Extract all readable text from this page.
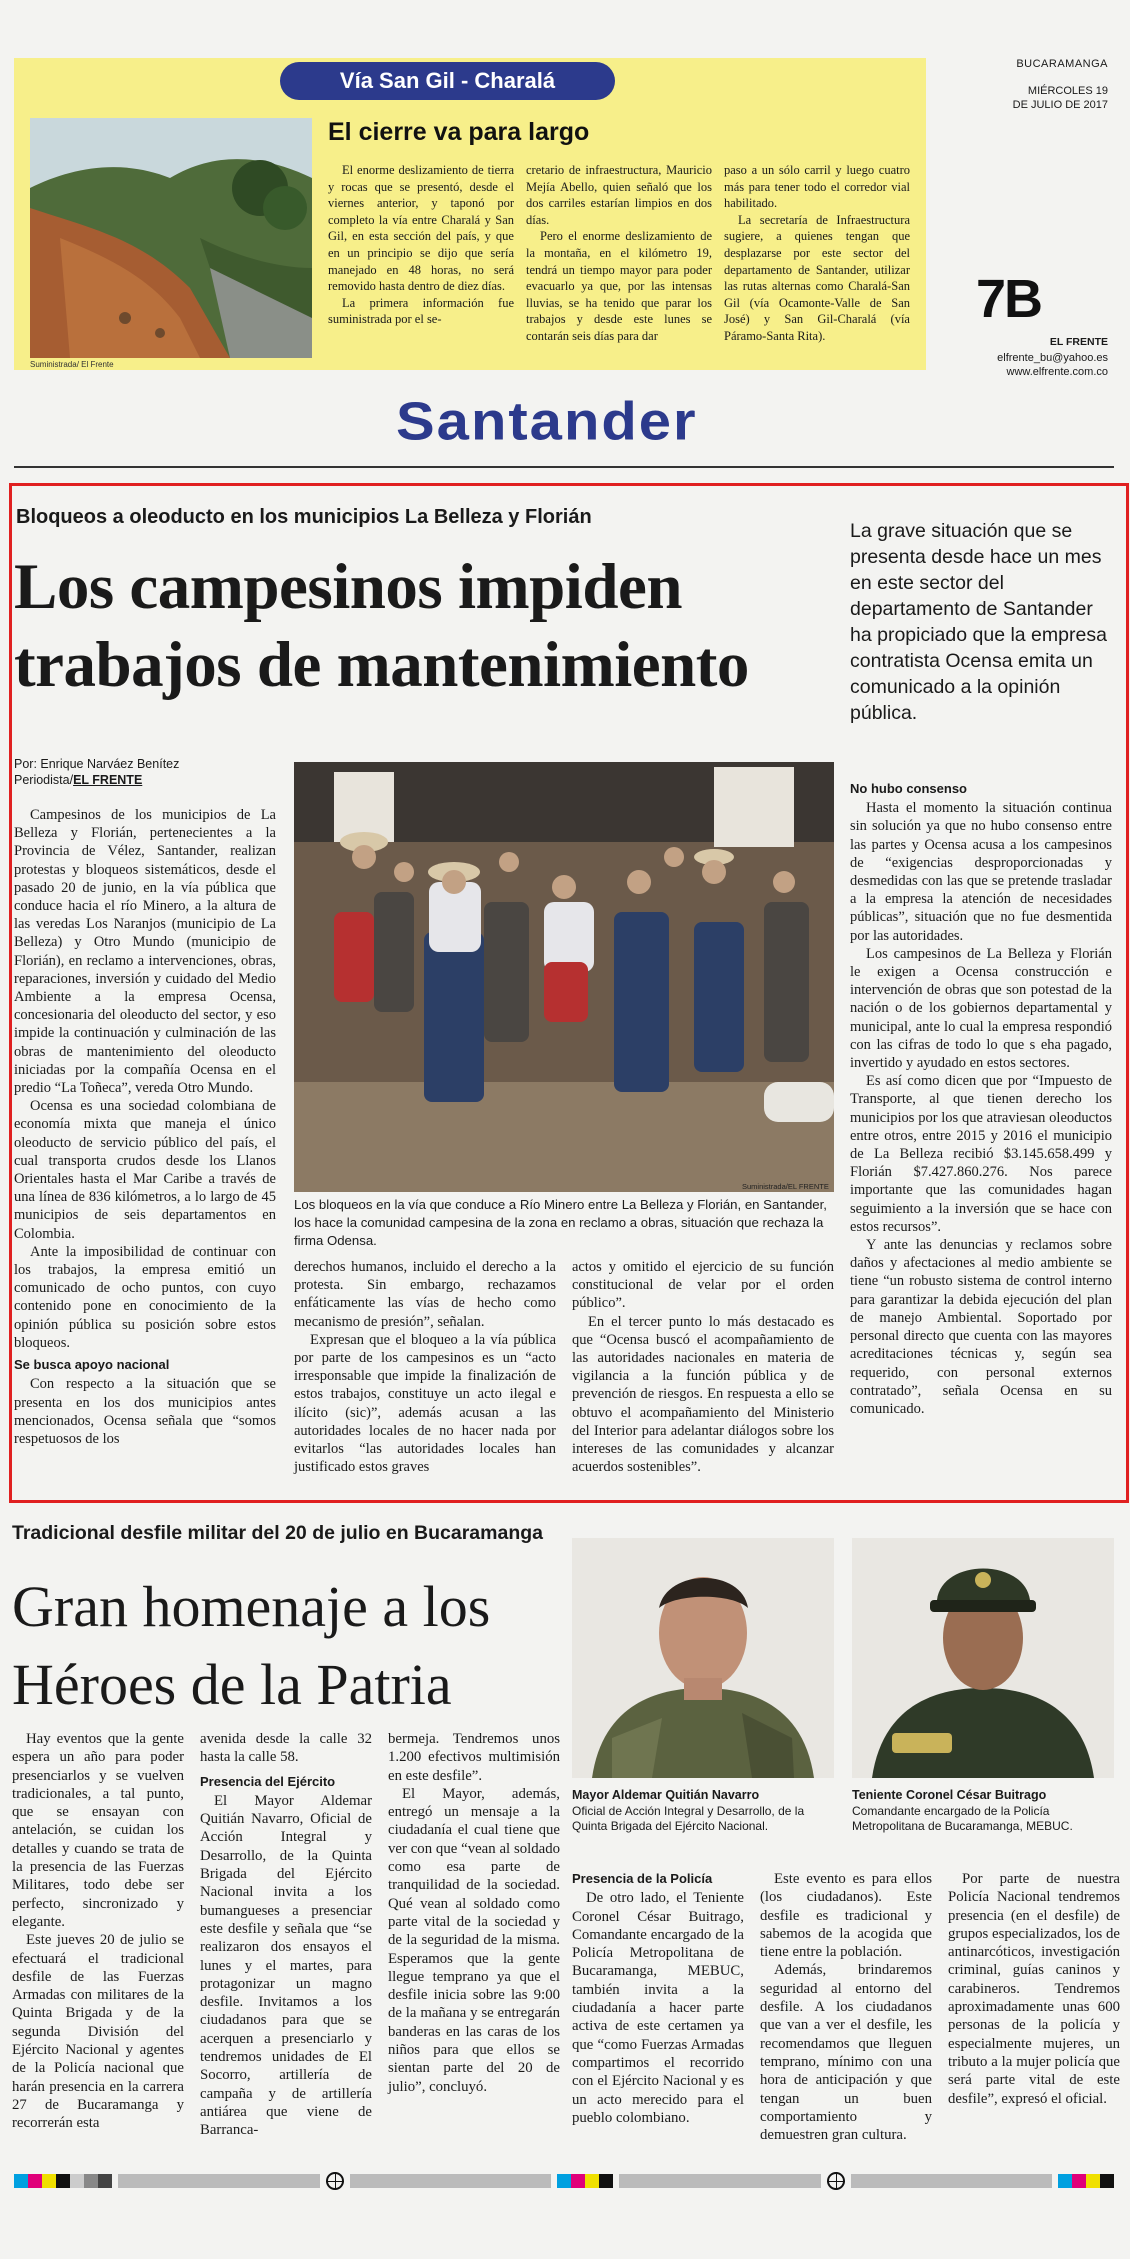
Vía San Gil - Charalá
Suministrada/ El Frente
El cierre va para largo

El enorme deslizamiento de tierra y rocas que se presentó, desde el viernes anterior, y taponó por completo la vía entre Charalá y San Gil, en esta sección del país, y que en un principio se dijo que sería manejado en 48 horas, no será removido hasta dentro de diez días.

La primera información fue suministrada por el se-

cretario de infraestructura, Mauricio Mejía Abello, quien señaló que los dos carriles estarían limpios en dos días.

Pero el enorme deslizamiento de la montaña, en el kilómetro 19, tendrá un tiempo mayor para poder evacuarlo ya que, por las intensas lluvias, se ha tenido que parar los trabajos y desde este lunes se contarán seis días para dar

paso a un sólo carril y luego cuatro más para tener todo el corredor vial habilitado.

La secretaría de Infraestructura sugiere, a quienes tengan que desplazarse por este sector del departamento de Santander, utilizar las rutas alternas como Charalá-San Gil (vía Ocamonte-Valle de San José) y San Gil-Charalá (vía Páramo-Santa Rita).

BUCARAMANGA
MIÉRCOLES 19
DE JULIO DE 2017
7B
EL FRENTE
elfrente_bu@yahoo.es
www.elfrente.com.co
Santander
Bloqueos a oleoducto en los municipios La Belleza y Florián
Los campesinos impiden
trabajos de mantenimiento
La grave situación que se presenta desde hace un mes en este sector del departamento de Santander ha propiciado que la empresa contratista Ocensa emita un comunicado a la opinión pública.
Por: Enrique Narváez Benítez
Periodista/EL FRENTE

Campesinos de los municipios de La Belleza y Florián, pertenecientes a la Provincia de Vélez, Santander, realizan protestas y bloqueos sistemáticos, desde el pasado 20 de junio, en la vía pública que conduce hacia el río Minero, a la altura de las veredas Los Naranjos (municipio de La Belleza) y Otro Mundo (municipio de Florián), en reclamo a intervenciones, obras, reparaciones, inversión y cuidado del Medio Ambiente a la empresa Ocensa, concesionaria del oleoducto del sector, y eso impide la continuación y culminación de las obras de mantenimiento del oleoducto iniciadas por la compañía Ocensa en el predio “La Toñeca”, vereda Otro Mundo.

Ocensa es una sociedad colombiana de economía mixta que maneja el único oleoducto de servicio público del país, el cual transporta crudos desde los Llanos Orientales hasta el Mar Caribe a través de una línea de 836 kilómetros, a lo largo de 45 municipios de seis departamentos en Colombia.

Ante la imposibilidad de continuar con los trabajos, la empresa emitió un comunicado de ocho puntos, con cuyo contenido pone en conocimiento de la opinión pública su posición sobre estos bloqueos.

Se busca apoyo nacional

Con respecto a la situación que se presenta en los dos municipios antes mencionados, Ocensa señala que “somos respetuosos de los

Suministrada/EL FRENTE
Los bloqueos en la vía que conduce a Río Minero entre La Belleza y Florián, en Santander, los hace la comunidad campesina de la zona en reclamo a obras, situación que rechaza la firma Odensa.

derechos humanos, incluido el derecho a la protesta. Sin embargo, rechazamos enfáticamente las vías de hecho como mecanismo de presión”, señalan.

Expresan que el bloqueo a la vía pública por parte de los campesinos es un “acto irresponsable que impide la finalización de estos trabajos, constituye un acto ilegal e ilícito (sic)”, además acusan a las autoridades locales de no hacer nada por evitarlos “las autoridades locales han justificado estos graves

actos y omitido el ejercicio de su función constitucional de velar por el orden público”.

En el tercer punto lo más destacado es que “Ocensa buscó el acompañamiento de las autoridades nacionales en materia de vigilancia a la función pública y de prevención de riesgos. En respuesta a ello se obtuvo el acompañamiento del Ministerio del Interior para adelantar diálogos sobre los intereses de las comunidades y alcanzar acuerdos sostenibles”.

No hubo consenso

Hasta el momento la situación continua sin solución ya que no hubo consenso entre las partes y Ocensa acusa a los campesinos de “exigencias desproporcionadas y desmedidas con las que se pretende trasladar a la empresa la atención de necesidades públicas”, situación que no fue desmentida por las autoridades.

Los campesinos de La Belleza y Florián le exigen a Ocensa construcción e intervención de obras que son potestad de la nación o de los gobiernos departamental y municipal, ante lo cual la empresa respondió con las cifras de todo lo que s eha pagado, invertido y ayudado en estos sectores.

Es así como dicen que por “Impuesto de Transporte, al que tienen derecho los municipios por los que atraviesan oleoductos entre otros, entre 2015 y 2016 el municipio de La Belleza recibió $3.145.658.499 y Florián $7.427.860.276. Nos parece importante que las comunidades hagan seguimiento a la inversión que se hace con estos recursos”.

Y ante las denuncias y reclamos sobre daños y afectaciones al medio ambiente se tiene “un robusto sistema de control interno para garantizar la debida ejecución del plan de manejo Ambiental. Soportado por personal directo que cuenta con las mayores acreditaciones técnicas y, según sea requerido, con personal externos contratado”, señala Ocensa en su comunicado.

Tradicional desfile militar del 20 de julio en Bucaramanga
Gran homenaje a los
Héroes de la Patria

Hay eventos que la gente espera un año para poder presenciarlos y se vuelven tradicionales, a tal punto, que se ensayan con antelación, se cuidan los detalles y cuando se trata de la presencia de las Fuerzas Militares, todo debe ser perfecto, sincronizado y elegante.

Este jueves 20 de julio se efectuará el tradicional desfile de las Fuerzas Armadas con militares de la Quinta Brigada y de la segunda División del Ejército Nacional y agentes de la Policía nacional que harán presencia en la carrera 27 de Bucaramanga y recorrerán esta

avenida desde la calle 32 hasta la calle 58.

Presencia del Ejército

El Mayor Aldemar Quitián Navarro, Oficial de Acción Integral y Desarrollo, de la Quinta Brigada del Ejército Nacional invita a los bumangueses a presenciar este desfile y señala que “se realizaron dos ensayos el lunes y el martes, para protagonizar un magno desfile. Invitamos a los ciudadanos para que se acerquen a presenciarlo y tendremos unidades de El Socorro, artillería de campaña y de artillería antiárea que viene de Barranca-

bermeja. Tendremos unos 1.200 efectivos multimisión en este desfile”.

El Mayor, además, entregó un mensaje a la ciudadanía el cual tiene que ver con que “vean al soldado como esa parte de tranquilidad de la sociedad. Qué vean al soldado como parte vital de la sociedad y de la seguridad de la misma. Esperamos que la gente llegue temprano ya que el desfile inicia sobre las 9:00 de la mañana y se entregarán banderas en las caras de los niños para que ellos se sientan parte del 20 de julio”, concluyó.

Mayor Aldemar Quitián Navarro
Oficial de Acción Integral y Desarrollo, de la Quinta Brigada del Ejército Nacional.
Teniente Coronel César Buitrago
Comandante encargado de la Policía Metropolitana de Bucaramanga, MEBUC.
Presencia de la Policía

De otro lado, el Teniente Coronel César Buitrago, Comandante encargado de la Policía Metropolitana de Bucaramanga, MEBUC, también invita a la ciudadanía a hacer parte activa de este certamen ya que “como Fuerzas Armadas compartimos el recorrido con el Ejército Nacional y es un acto merecido para el pueblo colombiano.

Este evento es para ellos (los ciudadanos). Este desfile es tradicional y sabemos de la acogida que tiene entre la población.

Además, brindaremos seguridad al entorno del desfile. A los ciudadanos que van a ver el desfile, les recomendamos que lleguen temprano, mínimo con una hora de anticipación y que tengan un buen comportamiento y demuestren gran cultura.

Por parte de nuestra Policía Nacional tendremos presencia (en el desfile) de grupos especializados, los de antinarcóticos, investigación criminal, guías caninos y carabineros. Tendremos aproximadamente unas 600 personas de la policía y especialmente mujeres, un tributo a la mujer policía que será parte vital de este desfile”, expresó el oficial.
